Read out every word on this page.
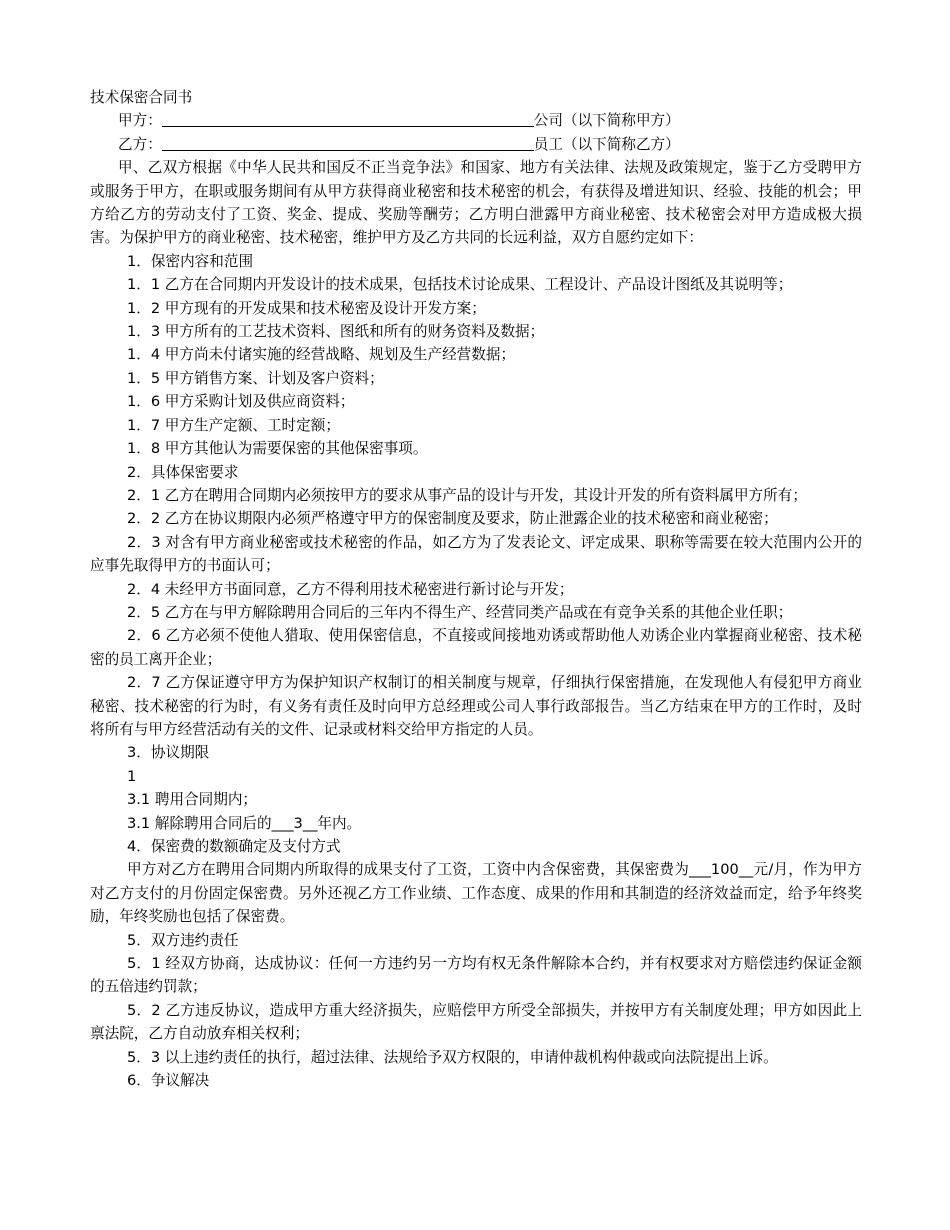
技术保密合同书
甲方：	公司（以下简称甲方）
乙方：	员工（以下简称乙方）
甲、乙双方根据《中华人民共和国反不正当竞争法》和国家、地方有关法律、法规及政策规定，鉴于乙方受聘甲方或服务于甲方，在职或服务期间有从甲方获得商业秘密和技术秘密的机会，有获得及增进知识、经验、技能的机会；甲方给乙方的劳动支付了工资、奖金、提成、奖励等酬劳；乙方明白泄露甲方商业秘密、技术秘密会对甲方造成极大损害。为保护甲方的商业秘密、技术秘密，维护甲方及乙方共同的长远利益，双方自愿约定如下：
1．保密内容和范围
1．1 乙方在合同期内开发设计的技术成果，包括技术讨论成果、工程设计、产品设计图纸及其说明等；
1．2 甲方现有的开发成果和技术秘密及设计开发方案；
1．3 甲方所有的工艺技术资料、图纸和所有的财务资料及数据；
1．4 甲方尚未付诸实施的经营战略、规划及生产经营数据；
1．5 甲方销售方案、计划及客户资料；
1．6 甲方采购计划及供应商资料；
1．7 甲方生产定额、工时定额；
1．8 甲方其他认为需要保密的其他保密事项。
2．具体保密要求
2．1 乙方在聘用合同期内必须按甲方的要求从事产品的设计与开发，其设计开发的所有资料属甲方所有；
2．2 乙方在协议期限内必须严格遵守甲方的保密制度及要求，防止泄露企业的技术秘密和商业秘密；
2．3 对含有甲方商业秘密或技术秘密的作品，如乙方为了发表论文、评定成果、职称等需要在较大范围内公开的应事先取得甲方的书面认可；
2．4 未经甲方书面同意，乙方不得利用技术秘密进行新讨论与开发；
2．5 乙方在与甲方解除聘用合同后的三年内不得生产、经营同类产品或在有竞争关系的其他企业任职；
2．6 乙方必须不使他人猎取、使用保密信息，不直接或间接地劝诱或帮助他人劝诱企业内掌握商业秘密、技术秘密的员工离开企业；
2．7 乙方保证遵守甲方为保护知识产权制订的相关制度与规章，仔细执行保密措施，在发现他人有侵犯甲方商业秘密、技术秘密的行为时，有义务有责任及时向甲方总经理或公司人事行政部报告。当乙方结束在甲方的工作时，及时将所有与甲方经营活动有关的文件、记录或材料交给甲方指定的人员。
3．协议期限
1
3.1 聘用合同期内；
3.1 解除聘用合同后的___3__年内。
4．保密费的数额确定及支付方式
甲方对乙方在聘用合同期内所取得的成果支付了工资，工资中内含保密费，其保密费为___100__元/月，作为甲方对乙方支付的月份固定保密费。另外还视乙方工作业绩、工作态度、成果的作用和其制造的经济效益而定，给予年终奖励，年终奖励也包括了保密费。
5．双方违约责任
5．1 经双方协商，达成协议：任何一方违约另一方均有权无条件解除本合约，并有权要求对方赔偿违约保证金额的五倍违约罚款；
5．2 乙方违反协议，造成甲方重大经济损失，应赔偿甲方所受全部损失，并按甲方有关制度处理；甲方如因此上禀法院，乙方自动放弃相关权利；
5．3 以上违约责任的执行，超过法律、法规给予双方权限的，申请仲裁机构仲裁或向法院提出上诉。
6．争议解决
